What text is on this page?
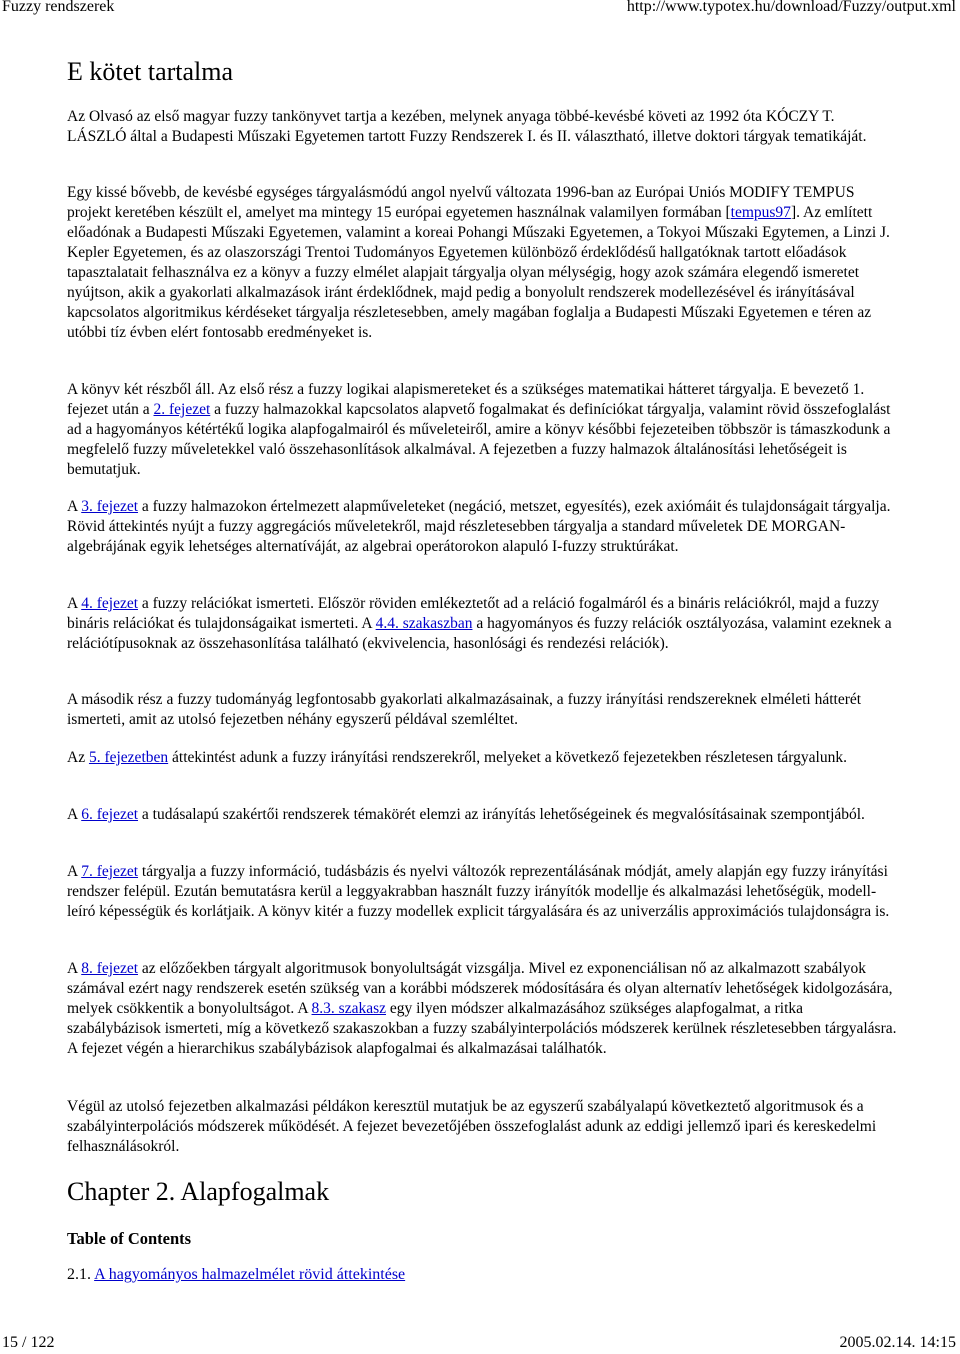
Fuzzy rendszerek	http://www.typotex.hu/download/Fuzzy/output.xml
E kötet tartalma

Az Olvasó az első magyar fuzzy tankönyvet tartja a kezében, melynek anyaga többé-kevésbé követi az 1992 óta KÓCZY T. LÁSZLÓ által a Budapesti Műszaki Egyetemen tartott Fuzzy Rendszerek I. és II. választható, illetve doktori tárgyak tematikáját.

Egy kissé bővebb, de kevésbé egységes tárgyalásmódú angol nyelvű változata 1996-ban az Európai Uniós MODIFY TEMPUS projekt keretében készült el, amelyet ma mintegy 15 európai egyetemen használnak valamilyen formában [tempus97]. Az említett előadónak a Budapesti Műszaki Egyetemen, valamint a koreai Pohangi Műszaki Egyetemen, a Tokyoi Műszaki Egytemen, a Linzi J. Kepler Egyetemen, és az olaszországi Trentoi Tudományos Egyetemen különböző érdeklődésű hallgatóknak tartott előadások tapasztalatait felhasználva ez a könyv a fuzzy elmélet alapjait tárgyalja olyan mélységig, hogy azok számára elegendő ismeretet nyújtson, akik a gyakorlati alkalmazások iránt érdeklődnek, majd pedig a bonyolult rendszerek modellezésével és irányításával kapcsolatos algoritmikus kérdéseket tárgyalja részletesebben, amely magában foglalja a Budapesti Műszaki Egyetemen e téren az utóbbi tíz évben elért fontosabb eredményeket is.

A könyv két részből áll. Az első rész a fuzzy logikai alapismereteket és a szükséges matematikai hátteret tárgyalja. E bevezető 1. fejezet után a 2. fejezet a fuzzy halmazokkal kapcsolatos alapvető fogalmakat és definíciókat tárgyalja, valamint rövid összefoglalást ad a hagyományos kétértékű logika alapfogalmairól és műveleteiről, amire a könyv későbbi fejezeteiben többször is támaszkodunk a megfelelő fuzzy műveletekkel való összehasonlítások alkalmával. A fejezetben a fuzzy halmazok általánosítási lehetőségeit is bemutatjuk.

A 3. fejezet a fuzzy halmazokon értelmezett alapműveleteket (negáció, metszet, egyesítés), ezek axiómáit és tulajdonságait tárgyalja. Rövid áttekintés nyújt a fuzzy aggregációs műveletekről, majd részletesebben tárgyalja a standard műveletek DE MORGAN-algebrájának egyik lehetséges alternatíváját, az algebrai operátorokon alapuló I-fuzzy struktúrákat.

A 4. fejezet a fuzzy relációkat ismerteti. Először röviden emlékeztetőt ad a reláció fogalmáról és a bináris relációkról, majd a fuzzy bináris relációkat és tulajdonságaikat ismerteti. A 4.4. szakaszban a hagyományos és fuzzy relációk osztályozása, valamint ezeknek a relációtípusoknak az összehasonlítása található (ekvivelencia, hasonlósági és rendezési relációk).

A második rész a fuzzy tudományág legfontosabb gyakorlati alkalmazásainak, a fuzzy irányítási rendszereknek elméleti hátterét ismerteti, amit az utolsó fejezetben néhány egyszerű példával szemléltet.

Az 5. fejezetben áttekintést adunk a fuzzy irányítási rendszerekről, melyeket a következő fejezetekben részletesen tárgyalunk.

A 6. fejezet a tudásalapú szakértői rendszerek témakörét elemzi az irányítás lehetőségeinek és megvalósításainak szempontjából.

A 7. fejezet tárgyalja a fuzzy információ, tudásbázis és nyelvi változók reprezentálásának módját, amely alapján egy fuzzy irányítási rendszer felépül. Ezután bemutatásra kerül a leggyakrabban használt fuzzy irányítók modellje és alkalmazási lehetőségük, modell-leíró képességük és korlátjaik. A könyv kitér a fuzzy modellek explicit tárgyalására és az univerzális approximációs tulajdonságra is.

A 8. fejezet az előzőekben tárgyalt algoritmusok bonyolultságát vizsgálja. Mivel ez exponenciálisan nő az alkalmazott szabályok számával ezért nagy rendszerek esetén szükség van a korábbi módszerek módosítására és olyan alternatív lehetőségek kidolgozására, melyek csökkentik a bonyolultságot. A 8.3. szakasz egy ilyen módszer alkalmazásához szükséges alapfogalmat, a ritka szabálybázisok ismerteti, míg a következő szakaszokban a fuzzy szabályinterpolációs módszerek kerülnek részletesebben tárgyalásra. A fejezet végén a hierarchikus szabálybázisok alapfogalmai és alkalmazásai találhatók.

Végül az utolsó fejezetben alkalmazási példákon keresztül mutatjuk be az egyszerű szabályalapú következtető algoritmusok és a szabályinterpolációs módszerek működését. A fejezet bevezetőjében összefoglalást adunk az eddigi jellemző ipari és kereskedelmi felhasználásokról.

Chapter 2. Alapfogalmak
Table of Contents
2.1. A hagyományos halmazelmélet rövid áttekintése
15 / 122	2005.02.14. 14:15
